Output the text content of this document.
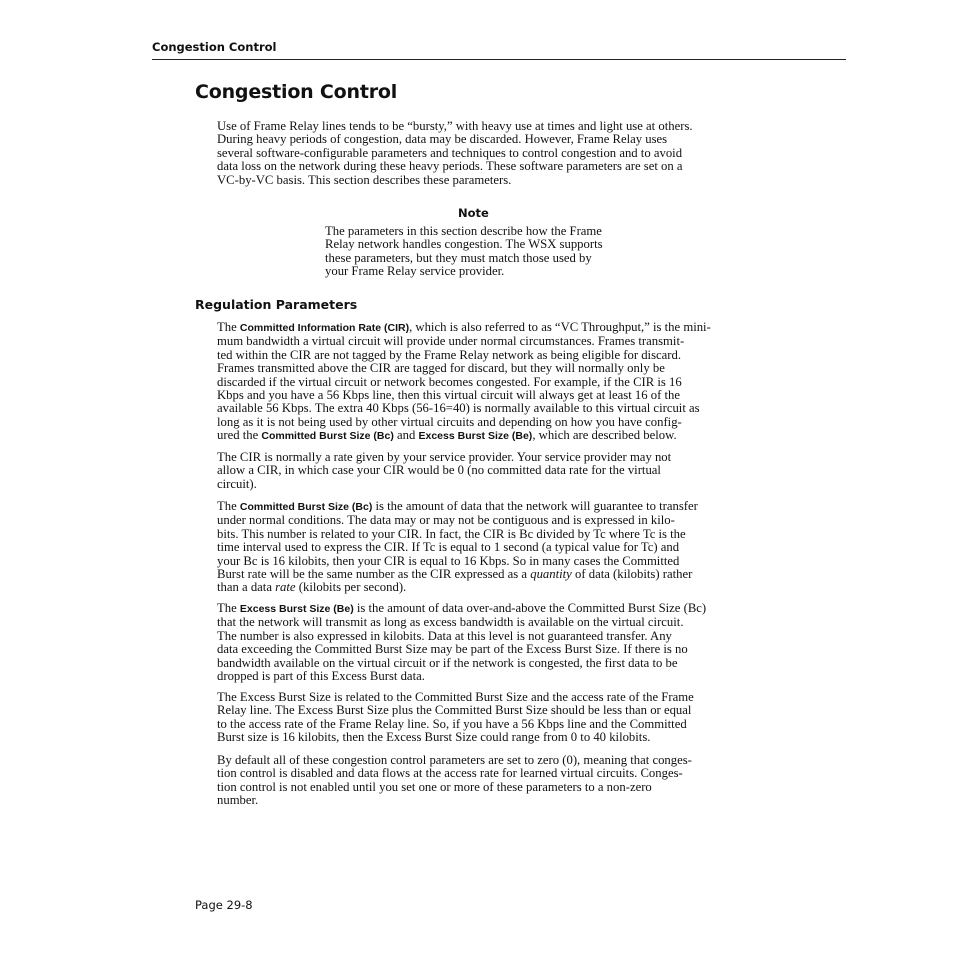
Congestion Control
Congestion Control

Use of Frame Relay lines tends to be “bursty,” with heavy use at times and light use at others.
During heavy periods of congestion, data may be discarded. However, Frame Relay uses
several software-configurable parameters and techniques to control congestion and to avoid
data loss on the network during these heavy periods. These software parameters are set on a
VC-by-VC basis. This section describes these parameters.

Note

The parameters in this section describe how the Frame
Relay network handles congestion. The WSX supports
these parameters, but they must match those used by
your Frame Relay service provider.

Regulation Parameters

The Committed Information Rate (CIR), which is also referred to as “VC Throughput,” is the mini-
mum bandwidth a virtual circuit will provide under normal circumstances. Frames transmit-
ted within the CIR are not tagged by the Frame Relay network as being eligible for discard.
Frames transmitted above the CIR are tagged for discard, but they will normally only be
discarded if the virtual circuit or network becomes congested. For example, if the CIR is 16
Kbps and you have a 56 Kbps line, then this virtual circuit will always get at least 16 of the
available 56 Kbps. The extra 40 Kbps (56-16=40) is normally available to this virtual circuit as
long as it is not being used by other virtual circuits and depending on how you have config-
ured the Committed Burst Size (Bc) and Excess Burst Size (Be), which are described below.

The CIR is normally a rate given by your service provider. Your service provider may not
allow a CIR, in which case your CIR would be 0 (no committed data rate for the virtual
circuit).

The Committed Burst Size (Bc) is the amount of data that the network will guarantee to transfer
under normal conditions. The data may or may not be contiguous and is expressed in kilo-
bits. This number is related to your CIR. In fact, the CIR is Bc divided by Tc where Tc is the
time interval used to express the CIR. If Tc is equal to 1 second (a typical value for Tc) and
your Bc is 16 kilobits, then your CIR is equal to 16 Kbps. So in many cases the Committed
Burst rate will be the same number as the CIR expressed as a quantity of data (kilobits) rather
than a data rate (kilobits per second).

The Excess Burst Size (Be) is the amount of data over-and-above the Committed Burst Size (Bc)
that the network will transmit as long as excess bandwidth is available on the virtual circuit.
The number is also expressed in kilobits. Data at this level is not guaranteed transfer. Any
data exceeding the Committed Burst Size may be part of the Excess Burst Size. If there is no
bandwidth available on the virtual circuit or if the network is congested, the first data to be
dropped is part of this Excess Burst data.

The Excess Burst Size is related to the Committed Burst Size and the access rate of the Frame
Relay line. The Excess Burst Size plus the Committed Burst Size should be less than or equal
to the access rate of the Frame Relay line. So, if you have a 56 Kbps line and the Committed
Burst size is 16 kilobits, then the Excess Burst Size could range from 0 to 40 kilobits.

By default all of these congestion control parameters are set to zero (0), meaning that conges-
tion control is disabled and data flows at the access rate for learned virtual circuits. Conges-
tion control is not enabled until you set one or more of these parameters to a non-zero
number.

Page 29-8
